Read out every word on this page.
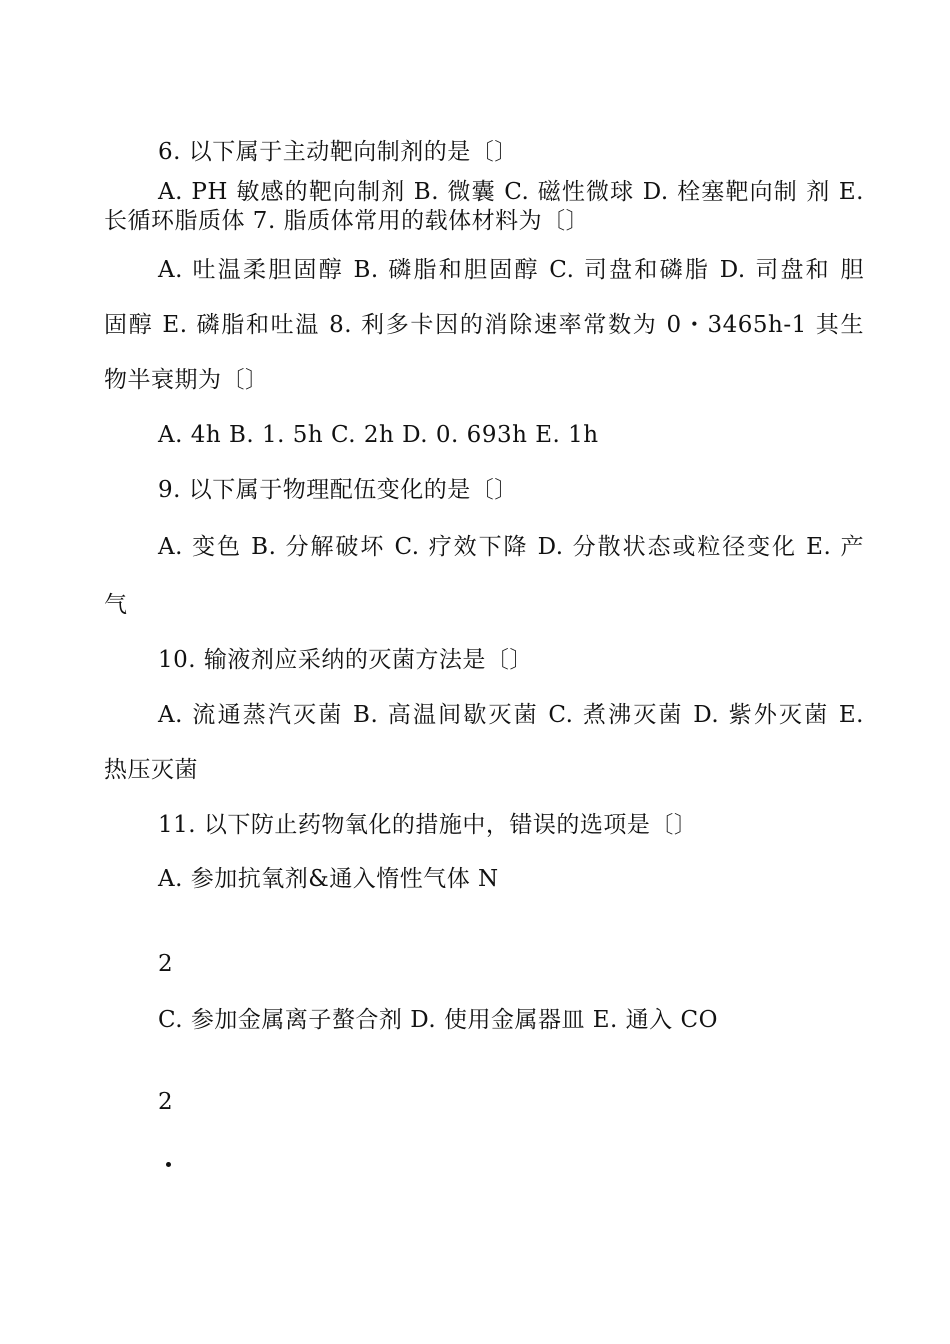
6. 以下属于主动靶向制剂的是〔〕
A. PH 敏感的靶向制剂 B. 微囊 C. 磁性微球 D. 栓塞靶向制 剂 E.
长循环脂质体 7. 脂质体常用的载体材料为〔〕
A. 吐温柔胆固醇 B. 磷脂和胆固醇 C. 司盘和磷脂 D. 司盘和 胆
固醇 E. 磷脂和吐温 8. 利多卡因的消除速率常数为 0・3465h-1 其生
物半衰期为〔〕
A. 4h B. 1. 5h C. 2h D. 0. 693h E. 1h
9. 以下属于物理配伍变化的是〔〕
A. 变色 B. 分解破坏 C. 疗效下降 D. 分散状态或粒径变化 E. 产
气
10. 输液剂应采纳的灭菌方法是〔〕
A. 流通蒸汽灭菌 B. 高温间歇灭菌 C. 煮沸灭菌 D. 紫外灭菌 E.
热压灭菌
11. 以下防止药物氧化的措施中，错误的选项是〔〕
A. 参加抗氧剂&通入惰性气体 N
2
C. 参加金属离子螯合剂 D. 使用金属器皿 E. 通入 CO
2
